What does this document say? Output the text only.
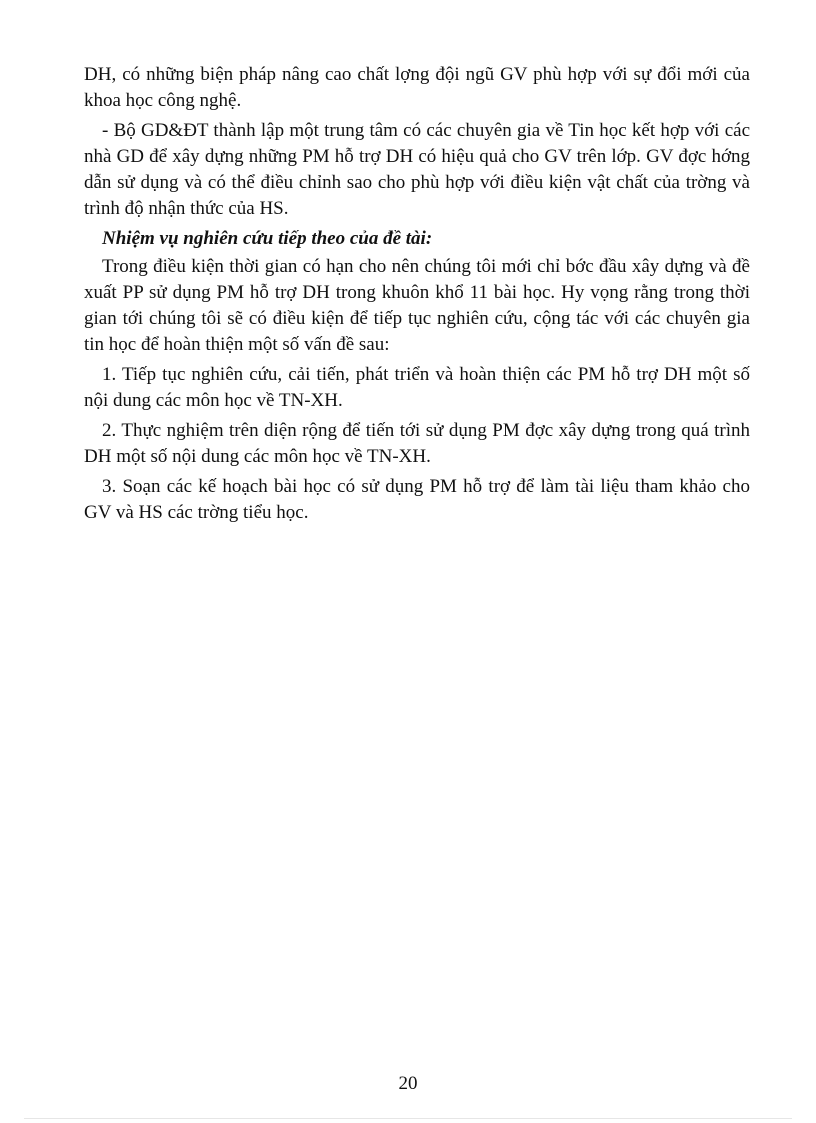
DH, có những biện pháp nâng cao chất lợng đội ngũ GV phù hợp với sự đổi mới của khoa học công nghệ.

- Bộ GD&ĐT thành lập một trung tâm có các chuyên gia về Tin học kết hợp với các nhà GD để xây dựng những PM hỗ trợ DH có hiệu quả cho GV trên lớp. GV đợc hớng dẫn sử dụng và có thể điều chỉnh sao cho phù hợp với điều kiện vật chất của trờng và trình độ nhận thức của HS.

Nhiệm vụ nghiên cứu tiếp theo của đề tài:

Trong điều kiện thời gian có hạn cho nên chúng tôi mới chỉ bớc đầu xây dựng và đề xuất PP sử dụng PM hỗ trợ DH trong khuôn khổ 11 bài học. Hy vọng rằng trong thời gian tới chúng tôi sẽ có điều kiện để tiếp tục nghiên cứu, cộng tác với các chuyên gia tin học để hoàn thiện một số vấn đề sau:

1. Tiếp tục nghiên cứu, cải tiến, phát triển và hoàn thiện các PM hỗ trợ DH một số nội dung các môn học về TN-XH.

2. Thực nghiệm trên diện rộng để tiến tới sử dụng PM đợc xây dựng trong quá trình DH một số nội dung các môn học về TN-XH.

3. Soạn các kế hoạch bài học có sử dụng PM hỗ trợ để làm tài liệu tham khảo cho GV và HS các trờng tiểu học.

20
